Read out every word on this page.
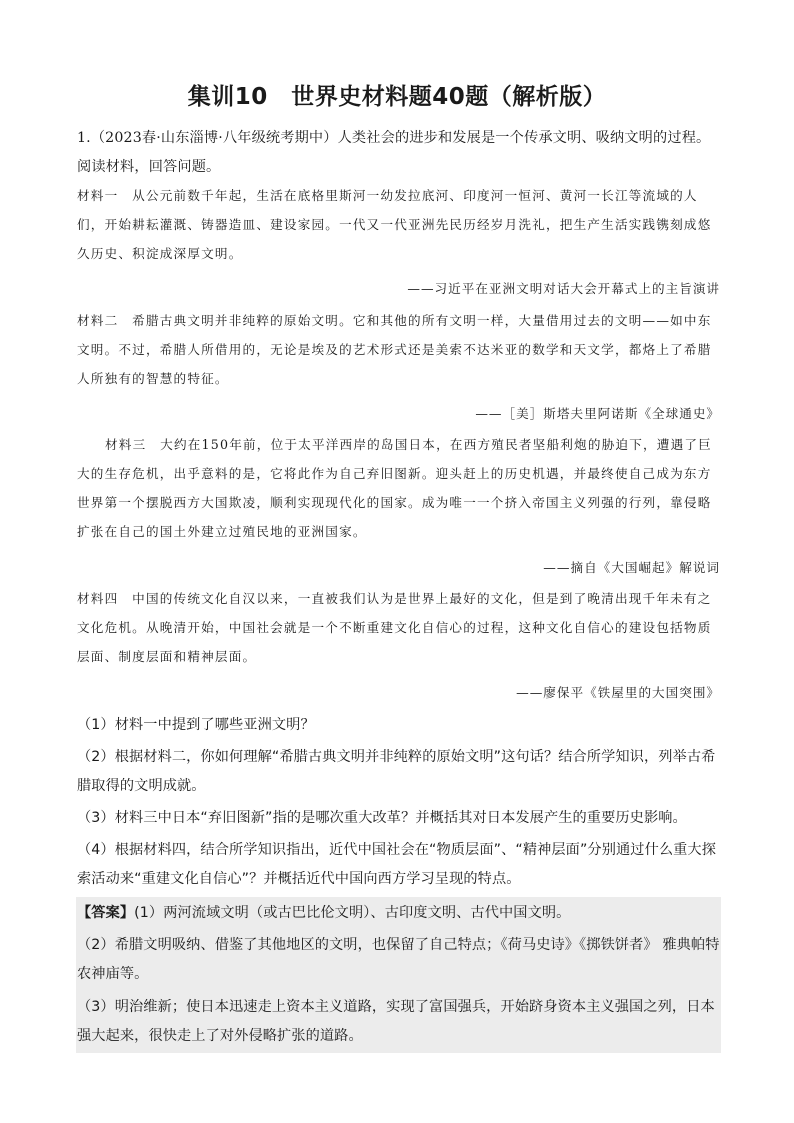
集训10　世界史材料题40题（解析版）
1.（2023春·山东淄博·八年级统考期中）人类社会的进步和发展是一个传承文明、吸纳文明的过程。阅读材料，回答问题。
材料一　从公元前数千年起，生活在底格里斯河一幼发拉底河、印度河一恒河、黄河一长江等流域的人们，开始耕耘灌溉、铸器造皿、建设家园。一代又一代亚洲先民历经岁月洗礼，把生产生活实践镌刻成悠久历史、积淀成深厚文明。
——习近平在亚洲文明对话大会开幕式上的主旨演讲
材料二　希腊古典文明并非纯粹的原始文明。它和其他的所有文明一样，大量借用过去的文明——如中东文明。不过，希腊人所借用的，无论是埃及的艺术形式还是美索不达米亚的数学和天文学，都烙上了希腊人所独有的智慧的特征。
——［美］斯塔夫里阿诺斯《全球通史》
材料三　大约在150年前，位于太平洋西岸的岛国日本，在西方殖民者坚船利炮的胁迫下，遭遇了巨大的生存危机，出乎意料的是，它将此作为自己弃旧图新。迎头赶上的历史机遇，并最终使自己成为东方世界第一个摆脱西方大国欺凌，顺利实现现代化的国家。成为唯一一个挤入帝国主义列强的行列，靠侵略扩张在自己的国土外建立过殖民地的亚洲国家。
——摘自《大国崛起》解说词
材料四　中国的传统文化自汉以来，一直被我们认为是世界上最好的文化，但是到了晚清出现千年未有之文化危机。从晚清开始，中国社会就是一个不断重建文化自信心的过程，这种文化自信心的建设包括物质层面、制度层面和精神层面。
——廖保平《铁屋里的大国突围》
（1）材料一中提到了哪些亚洲文明？
（2）根据材料二，你如何理解“希腊古典文明并非纯粹的原始文明”这句话？结合所学知识，列举古希腊取得的文明成就。
（3）材料三中日本“弃旧图新”指的是哪次重大改革？并概括其对日本发展产生的重要历史影响。
（4）根据材料四，结合所学知识指出，近代中国社会在“物质层面”、“精神层面”分别通过什么重大探索活动来“重建文化自信心”？并概括近代中国向西方学习呈现的特点。
【答案】(1）两河流域文明（或古巴比伦文明）、古印度文明、古代中国文明。
（2）希腊文明吸纳、借鉴了其他地区的文明，也保留了自己特点；《荷马史诗》《掷铁饼者》 雅典帕特农神庙等。
（3）明治维新；使日本迅速走上资本主义道路，实现了富国强兵，开始跻身资本主义强国之列，日本强大起来，很快走上了对外侵略扩张的道路。
